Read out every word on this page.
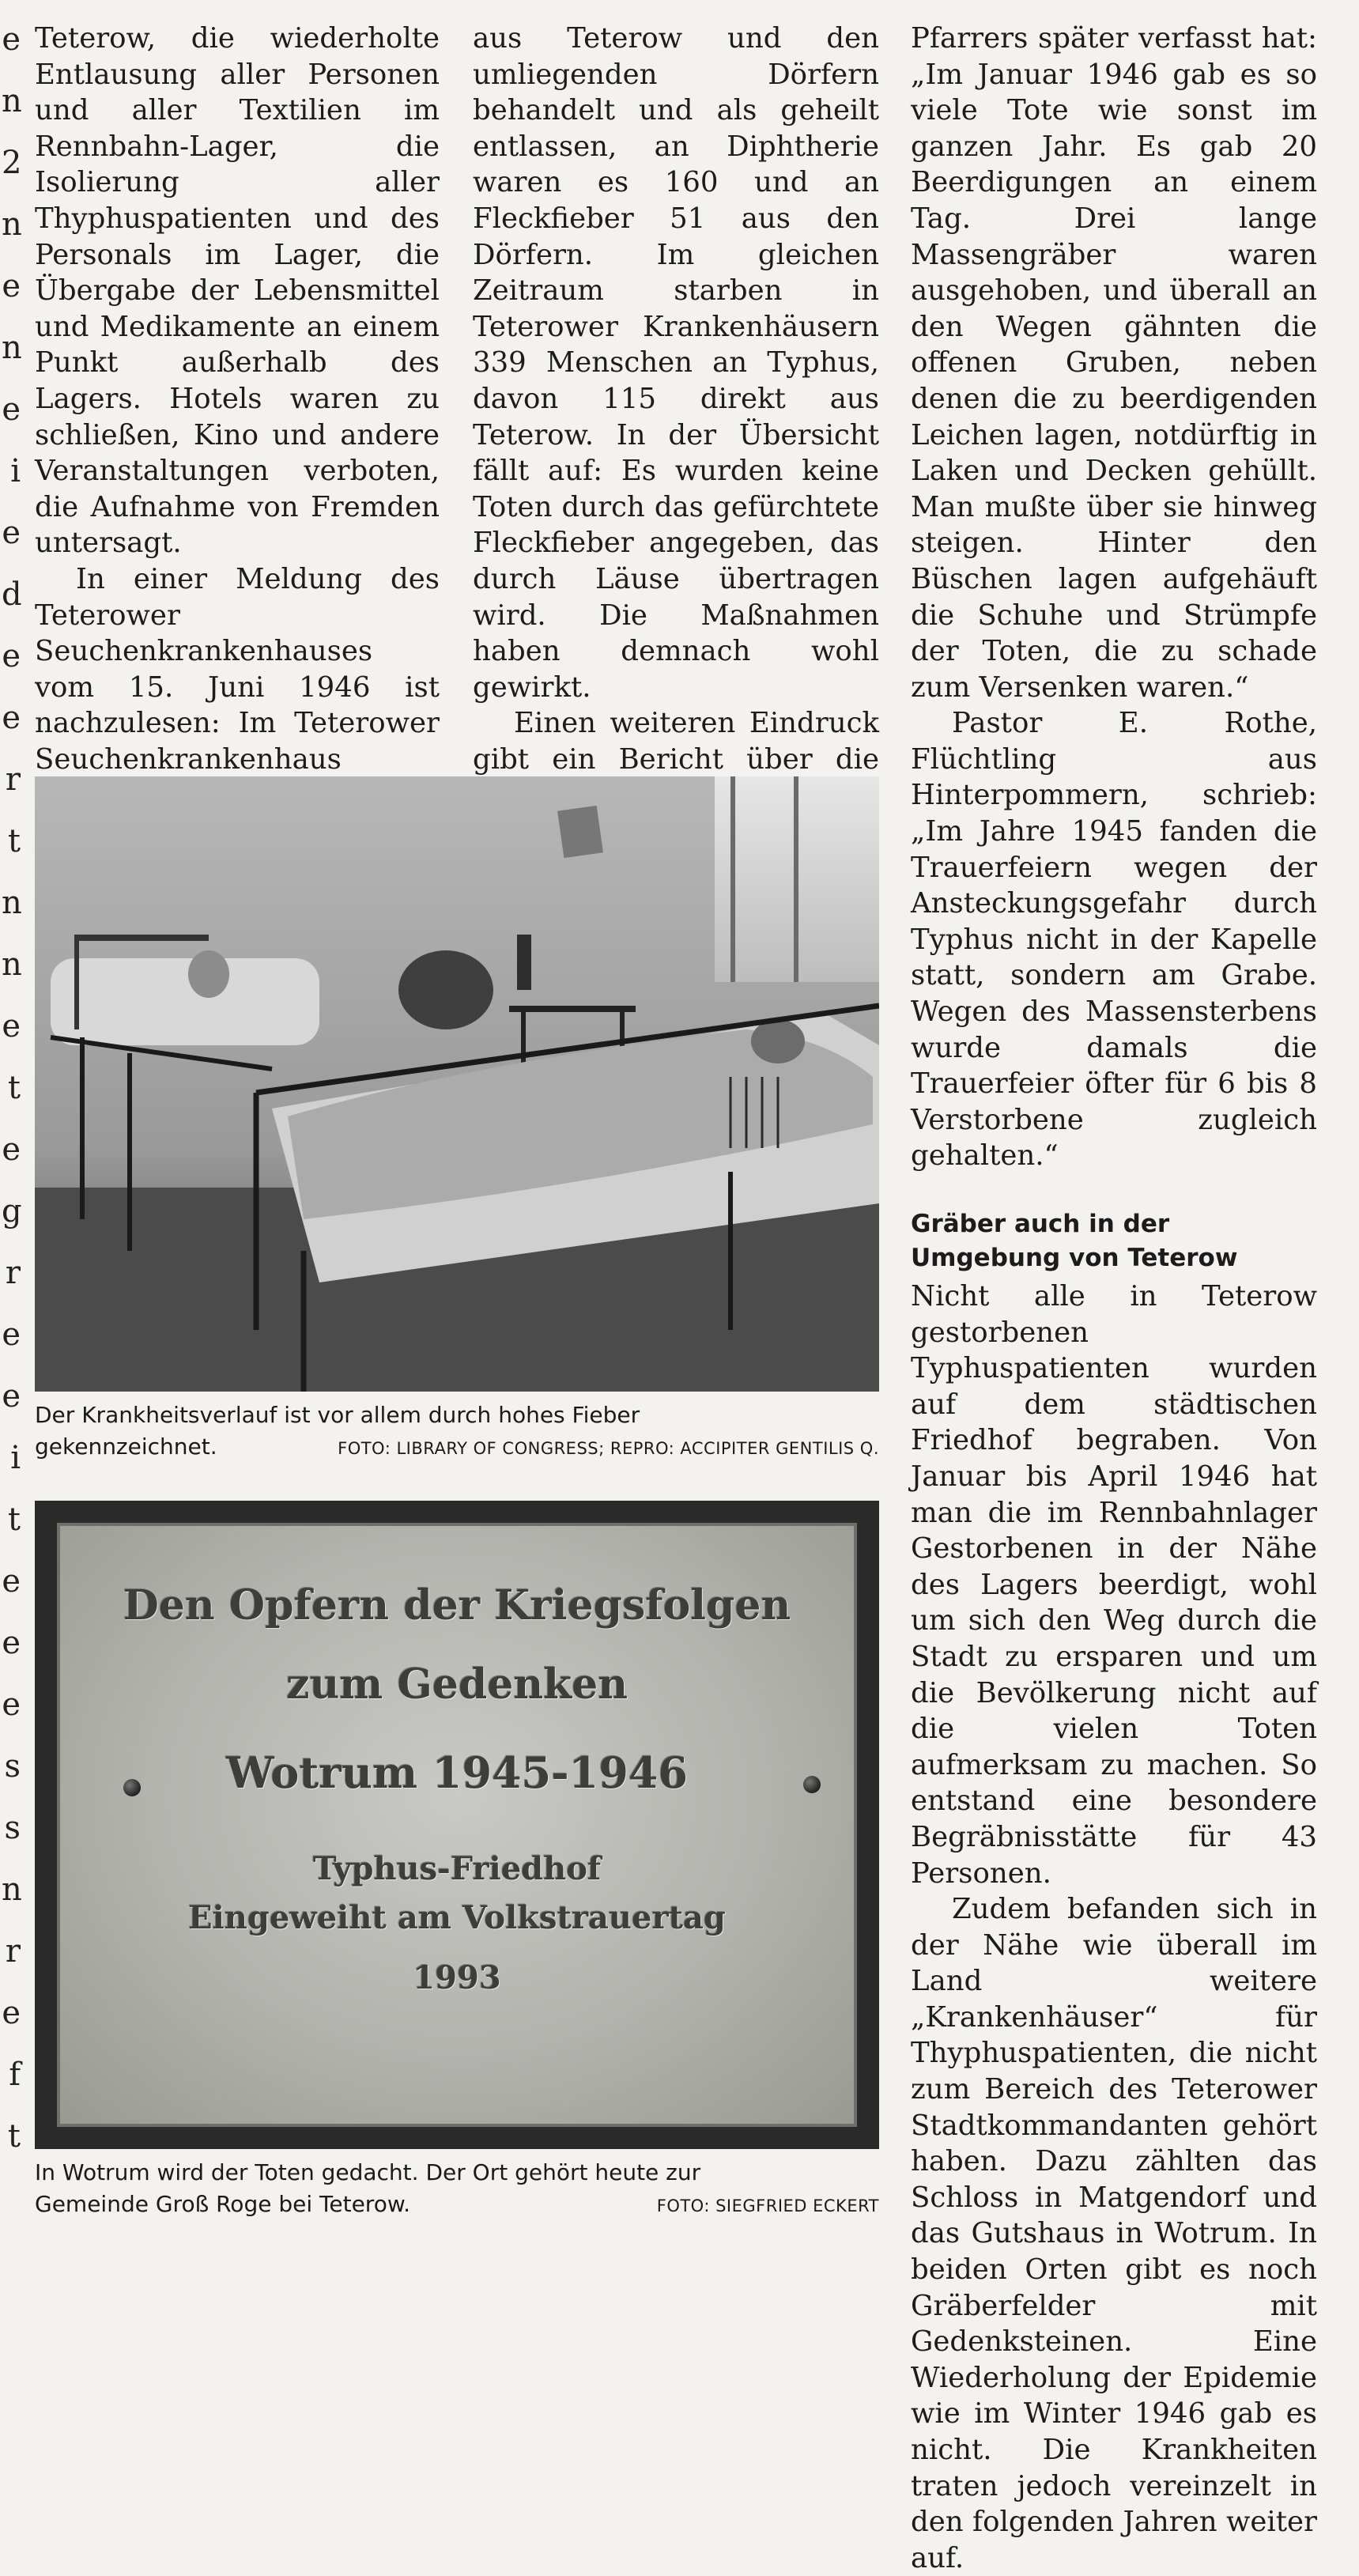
e
n
2
n
e
n
e
i
e
d
e
e
r
t
n
n
e
t
e
g
r
e
e
i
t
e
e
e
s
s
n
r
e
f
t

Teterow, die wiederholte Entlausung aller Personen und aller Textilien im Rennbahn-Lager, die Isolierung aller Thyphuspatienten und des Personals im Lager, die Übergabe der Lebensmittel und Medikamente an einem Punkt außerhalb des Lagers. Hotels waren zu schließen, Kino und andere Veranstaltungen verboten, die Aufnahme von Fremden untersagt.

In einer Meldung des Teterower Seuchenkrankenhauses vom 15. Juni 1946 ist nachzulesen: Im Teterower Seuchenkrankenhaus

aus Teterow und den umliegenden Dörfern behandelt und als geheilt entlassen, an Diphtherie waren es 160 und an Fleckfieber 51 aus den Dörfern. Im gleichen Zeitraum starben in Teterower Krankenhäusern 339 Menschen an Typhus, davon 115 direkt aus Teterow. In der Übersicht fällt auf: Es wurden keine Toten durch das gefürchtete Fleckfieber angegeben, das durch Läuse übertragen wird. Die Maßnahmen haben demnach wohl gewirkt.

Einen weiteren Eindruck gibt ein Bericht über die

Der Krankheitsverlauf ist vor allem durch hohes Fieber
gekennzeichnet.	FOTO: LIBRARY OF CONGRESS; REPRO: ACCIPITER GENTILIS Q.
Den Opfern der Kriegsfolgen
zum Gedenken
Wotrum 1945-1946
Typhus-Friedhof
Eingeweiht am Volkstrauertag
1993
In Wotrum wird der Toten gedacht. Der Ort gehört heute zur
Gemeinde Groß Roge bei Teterow.	FOTO: SIEGFRIED ECKERT

Pfarrers später verfasst hat: „Im Januar 1946 gab es so viele Tote wie sonst im ganzen Jahr. Es gab 20 Beerdigungen an einem Tag. Drei lange Massengräber waren ausgehoben, und überall an den Wegen gähnten die offenen Gruben, neben denen die zu beerdigenden Leichen lagen, notdürftig in Laken und Decken gehüllt. Man mußte über sie hinweg steigen. Hinter den Büschen lagen aufgehäuft die Schuhe und Strümpfe der Toten, die zu schade zum Versenken waren.“

Pastor E. Rothe, Flüchtling aus Hinterpommern, schrieb: „Im Jahre 1945 fanden die Trauerfeiern wegen der Ansteckungsgefahr durch Typhus nicht in der Kapelle statt, sondern am Grabe. Wegen des Massensterbens wurde damals die Trauerfeier öfter für 6 bis 8 Verstorbene zugleich gehalten.“

Gräber auch in der Umgebung von Teterow

Nicht alle in Teterow gestorbenen Typhuspatienten wurden auf dem städtischen Friedhof begraben. Von Januar bis April 1946 hat man die im Rennbahnlager Gestorbenen in der Nähe des Lagers beerdigt, wohl um sich den Weg durch die Stadt zu ersparen und um die Bevölkerung nicht auf die vielen Toten aufmerksam zu machen. So entstand eine besondere Begräbnisstätte für 43 Personen.

Zudem befanden sich in der Nähe wie überall im Land weitere „Krankenhäuser“ für Thyphuspatienten, die nicht zum Bereich des Teterower Stadtkommandanten gehört haben. Dazu zählten das Schloss in Matgendorf und das Gutshaus in Wotrum. In beiden Orten gibt es noch Gräberfelder mit Gedenksteinen. Eine Wiederholung der Epidemie wie im Winter 1946 gab es nicht. Die Krankheiten traten jedoch vereinzelt in den folgenden Jahren weiter auf.
